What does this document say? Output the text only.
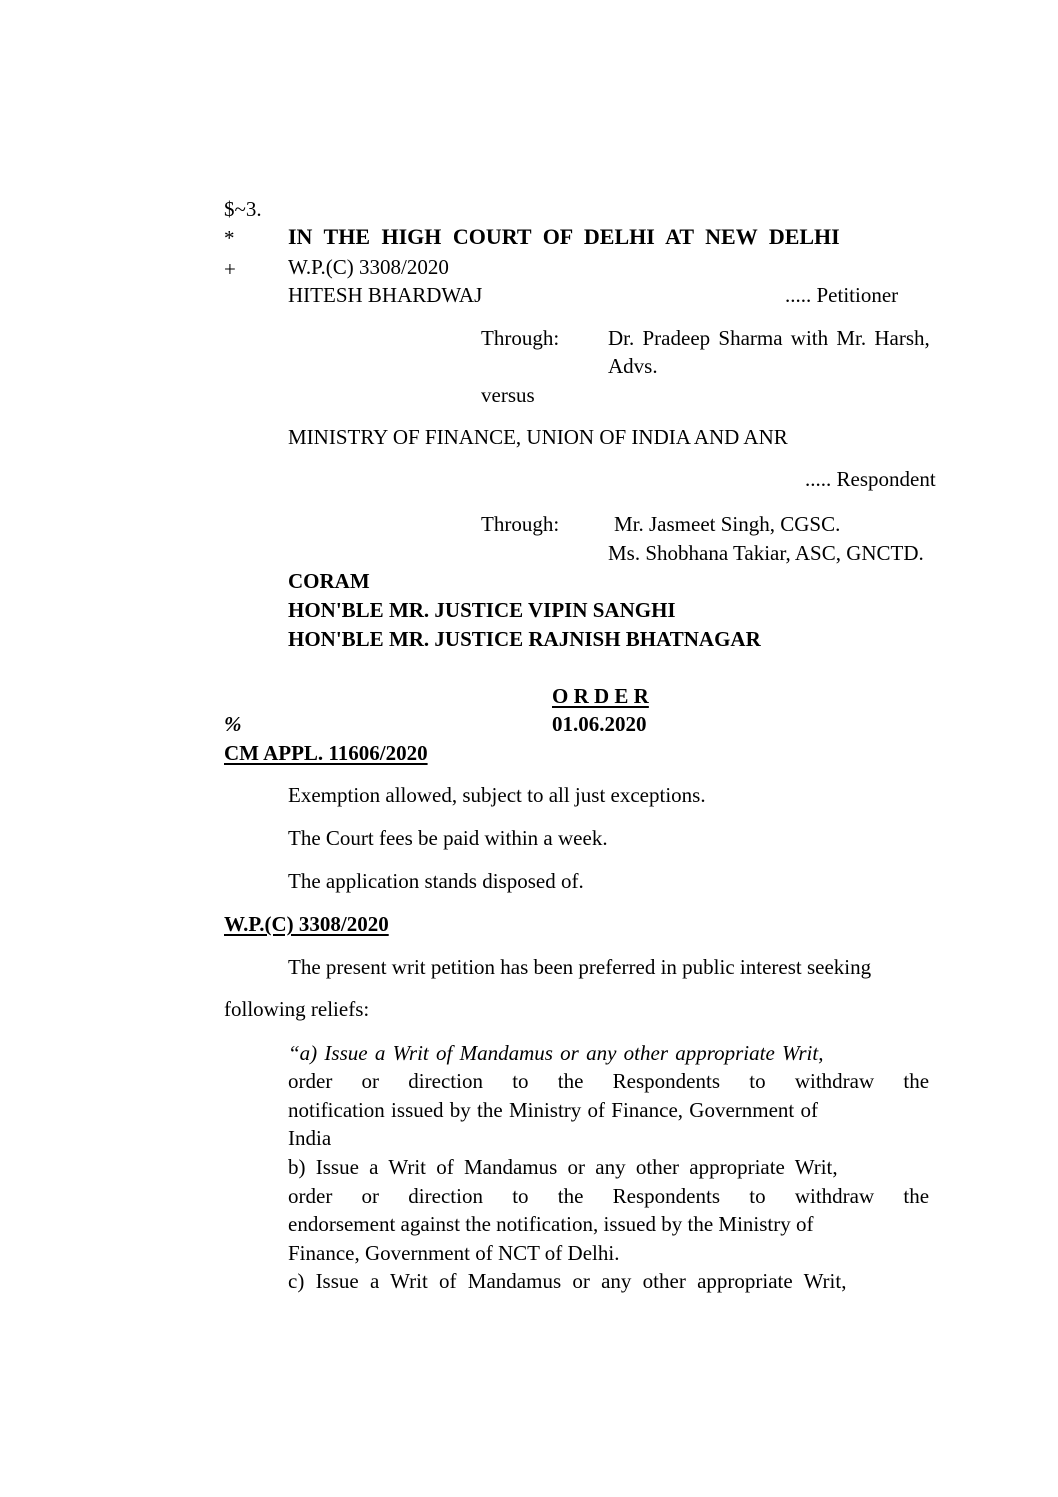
$~3.
* IN THE HIGH COURT OF DELHI AT NEW DELHI
+ W.P.(C) 3308/2020
HITESH BHARDWAJ	..... Petitioner
Through: Dr. Pradeep Sharma with Mr. Harsh,
Advs.
versus
MINISTRY OF FINANCE, UNION OF INDIA AND ANR
..... Respondent
Through:	Mr. Jasmeet Singh, CGSC.
Ms. Shobhana Takiar, ASC, GNCTD.
CORAM
HON'BLE MR. JUSTICE VIPIN SANGHI
HON'BLE MR. JUSTICE RAJNISH BHATNAGAR
O R D E R
%	01.06.2020
CM APPL. 11606/2020
Exemption allowed, subject to all just exceptions.
The Court fees be paid within a week.
The application stands disposed of.
W.P.(C) 3308/2020
The present writ petition has been preferred in public interest seeking
following reliefs:
“a) Issue a Writ of Mandamus or any other appropriate Writ,
order or direction to the Respondents to withdraw the
notification issued by the Ministry of Finance, Government of
India
b) Issue a Writ of Mandamus or any other appropriate Writ,
order or direction to the Respondents to withdraw the
endorsement against the notification, issued by the Ministry of
Finance, Government of NCT of Delhi.
c) Issue a Writ of Mandamus or any other appropriate Writ,
